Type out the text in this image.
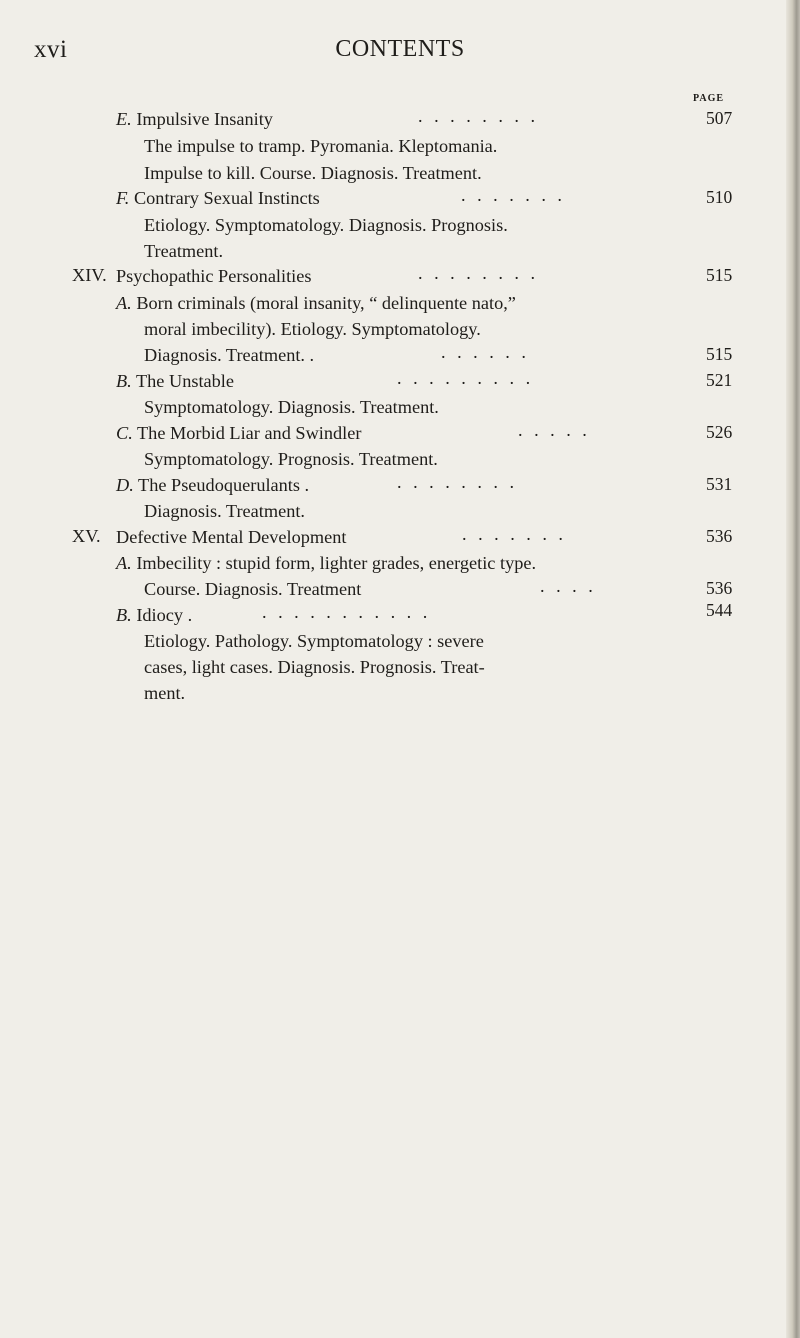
xvi	CONTENTS
PAGE
E. Impulsive Insanity	........	507
The impulse to tramp. Pyromania. Kleptomania.
Impulse to kill. Course. Diagnosis. Treatment.
F. Contrary Sexual Instincts	.......	510
Etiology. Symptomatology. Diagnosis. Prognosis.
Treatment.
XIV. Psychopathic Personalities	........	515
A. Born criminals (moral insanity, “ delinquente nato,”
moral imbecility). Etiology. Symptomatology.
Diagnosis. Treatment. .	......	515
B. The Unstable	.........	521
Symptomatology. Diagnosis. Treatment.
C. The Morbid Liar and Swindler	.....	526
Symptomatology. Prognosis. Treatment.
D. The Pseudoquerulants .	........	531
Diagnosis. Treatment.
XV. Defective Mental Development	.......	536
A. Imbecility : stupid form, lighter grades, energetic type.
Course. Diagnosis. Treatment	....	536
B. Idiocy .	...........	544
Etiology. Pathology. Symptomatology : severe
cases, light cases. Diagnosis. Prognosis. Treat-
ment.
